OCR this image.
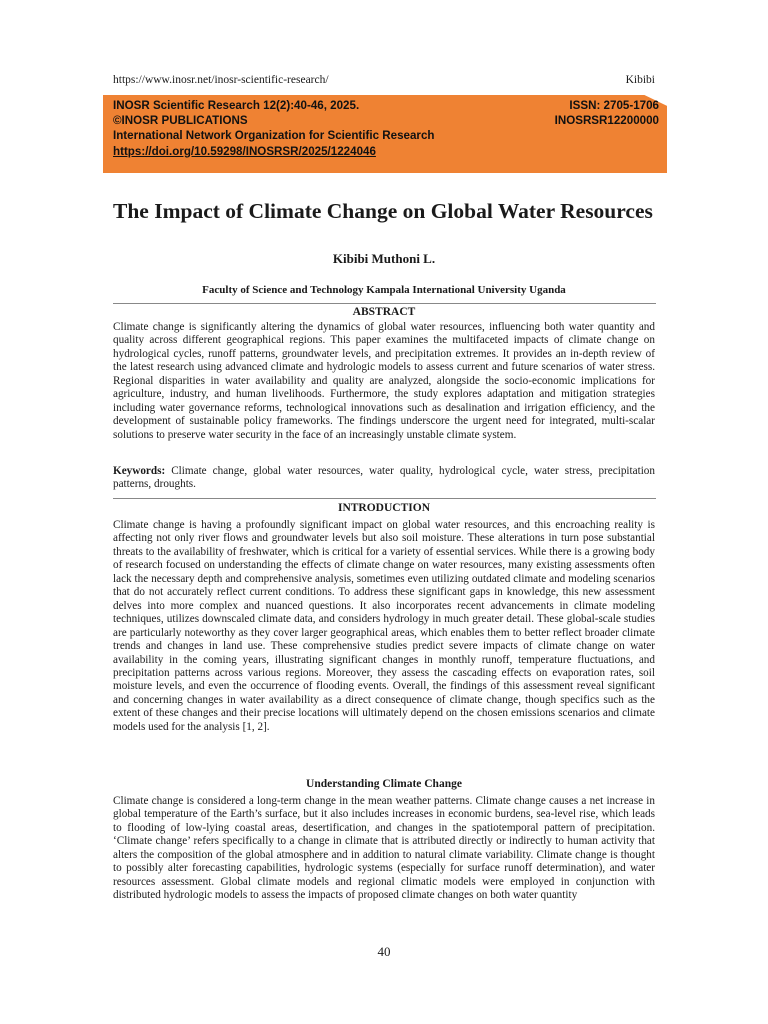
https://www.inosr.net/inosr-scientific-research/	Kibibi
INOSR Scientific Research 12(2):40-46, 2025.	ISSN: 2705-1706
©INOSR PUBLICATIONS	INOSRSR12200000
International Network Organization for Scientific Research
https://doi.org/10.59298/INOSRSR/2025/1224046
The Impact of Climate Change on Global Water Resources
Kibibi Muthoni L.
Faculty of Science and Technology Kampala International University Uganda
ABSTRACT

Climate change is significantly altering the dynamics of global water resources, influencing both water quantity and quality across different geographical regions. This paper examines the multifaceted impacts of climate change on hydrological cycles, runoff patterns, groundwater levels, and precipitation extremes. It provides an in-depth review of the latest research using advanced climate and hydrologic models to assess current and future scenarios of water stress. Regional disparities in water availability and quality are analyzed, alongside the socio-economic implications for agriculture, industry, and human livelihoods. Furthermore, the study explores adaptation and mitigation strategies including water governance reforms, technological innovations such as desalination and irrigation efficiency, and the development of sustainable policy frameworks. The findings underscore the urgent need for integrated, multi-scalar solutions to preserve water security in the face of an increasingly unstable climate system.

Keywords: Climate change, global water resources, water quality, hydrological cycle, water stress, precipitation patterns, droughts.

INTRODUCTION

Climate change is having a profoundly significant impact on global water resources, and this encroaching reality is affecting not only river flows and groundwater levels but also soil moisture. These alterations in turn pose substantial threats to the availability of freshwater, which is critical for a variety of essential services. While there is a growing body of research focused on understanding the effects of climate change on water resources, many existing assessments often lack the necessary depth and comprehensive analysis, sometimes even utilizing outdated climate and modeling scenarios that do not accurately reflect current conditions. To address these significant gaps in knowledge, this new assessment delves into more complex and nuanced questions. It also incorporates recent advancements in climate modeling techniques, utilizes downscaled climate data, and considers hydrology in much greater detail. These global-scale studies are particularly noteworthy as they cover larger geographical areas, which enables them to better reflect broader climate trends and changes in land use. These comprehensive studies predict severe impacts of climate change on water availability in the coming years, illustrating significant changes in monthly runoff, temperature fluctuations, and precipitation patterns across various regions. Moreover, they assess the cascading effects on evaporation rates, soil moisture levels, and even the occurrence of flooding events. Overall, the findings of this assessment reveal significant and concerning changes in water availability as a direct consequence of climate change, though specifics such as the extent of these changes and their precise locations will ultimately depend on the chosen emissions scenarios and climate models used for the analysis [1, 2].

Understanding Climate Change

Climate change is considered a long-term change in the mean weather patterns. Climate change causes a net increase in global temperature of the Earth’s surface, but it also includes increases in economic burdens, sea-level rise, which leads to flooding of low-lying coastal areas, desertification, and changes in the spatiotemporal pattern of precipitation. ‘Climate change’ refers specifically to a change in climate that is attributed directly or indirectly to human activity that alters the composition of the global atmosphere and in addition to natural climate variability. Climate change is thought to possibly alter forecasting capabilities, hydrologic systems (especially for surface runoff determination), and water resources assessment. Global climate models and regional climatic models were employed in conjunction with distributed hydrologic models to assess the impacts of proposed climate changes on both water quantity

40
